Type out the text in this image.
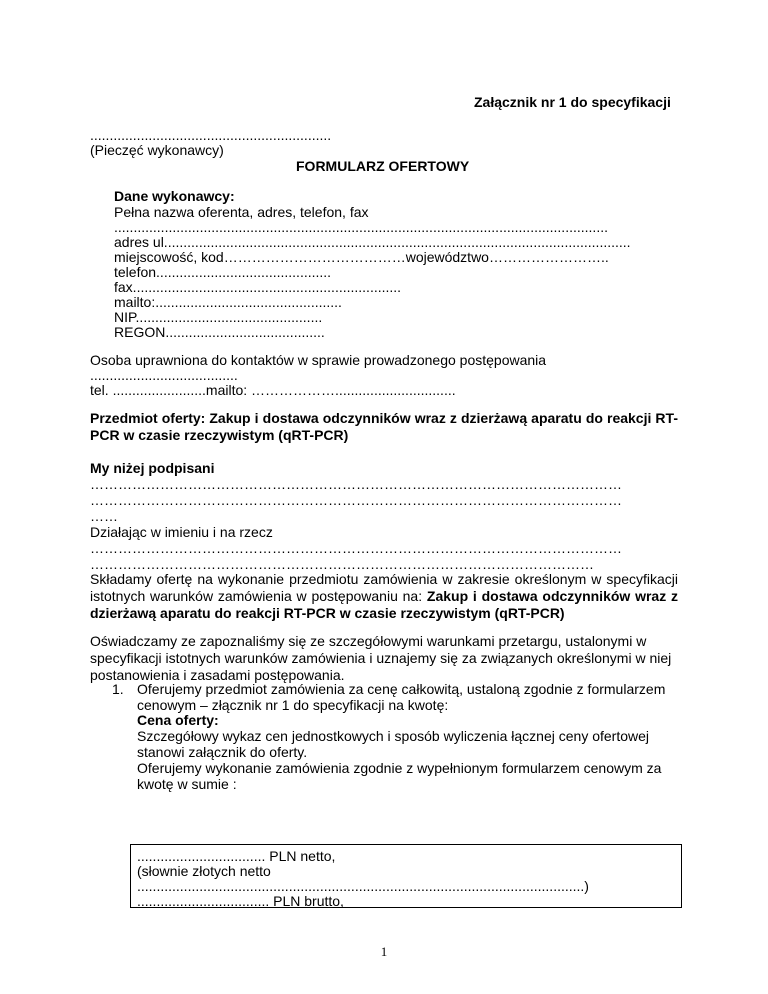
Załącznik nr 1 do specyfikacji
..............................................................
(Pieczęć wykonawcy)
FORMULARZ OFERTOWY
Dane wykonawcy:
Pełna nazwa oferenta, adres, telefon, fax
...............................................................................................................................
adres ul........................................................................................................................
miejscowość, kod…………………………………województwo……………………..
telefon.............................................
fax.....................................................................
mailto:................................................
NIP................................................
REGON.........................................
Osoba uprawniona do kontaktów w sprawie prowadzonego postępowania
......................................
tel. ........................mailto: ………………...............................
Przedmiot oferty: Zakup i dostawa odczynników wraz z dzierżawą aparatu do reakcji RT-PCR w czasie rzeczywistym (qRT-PCR)
My niżej podpisani
……………………………………………………………………………………………………
……………………………………………………………………………………………………
……
Działając w imieniu i na rzecz
……………………………………………………………………………………………………
………………………………………………………………………………………………
Składamy ofertę na wykonanie przedmiotu zamówienia w zakresie określonym w specyfikacji istotnych warunków zamówienia w postępowaniu na: Zakup i dostawa odczynników wraz z dzierżawą aparatu do reakcji RT-PCR w czasie rzeczywistym (qRT-PCR)
Oświadczamy ze zapoznaliśmy się ze szczegółowymi warunkami przetargu, ustalonymi w specyfikacji istotnych warunków zamówienia i uznajemy się za związanych określonymi w niej postanowienia i zasadami postępowania.
1. Oferujemy przedmiot zamówienia za cenę całkowitą, ustaloną zgodnie z formularzem
cenowym – złącznik nr 1 do specyfikacji na kwotę:
Cena oferty:
Szczegółowy wykaz cen jednostkowych i sposób wyliczenia łącznej ceny ofertowej
stanowi załącznik do oferty.
Oferujemy wykonanie zamówienia zgodnie z wypełnionym formularzem cenowym za
kwotę w sumie :
................................. PLN netto,
(słownie złotych netto
...................................................................................................................)
.................................. PLN brutto,
1
